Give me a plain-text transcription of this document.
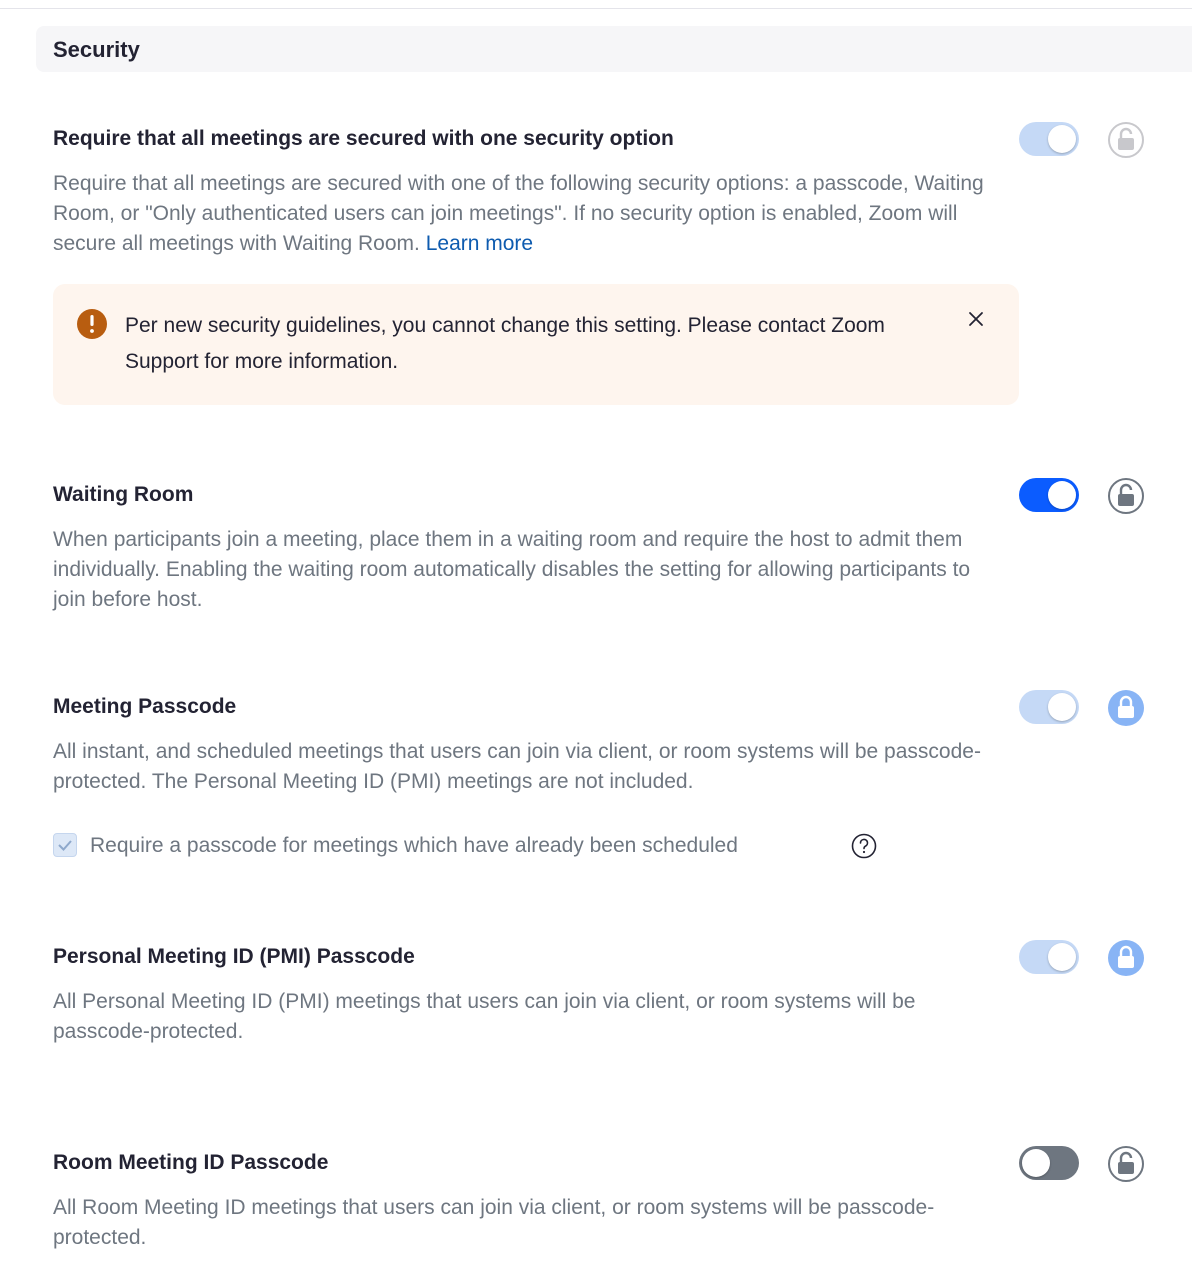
Security
Require that all meetings are secured with one security option
Require that all meetings are secured with one of the following security options: a passcode, Waiting Room, or "Only authenticated users can join meetings". If no security option is enabled, Zoom will secure all meetings with Waiting Room. Learn more
Per new security guidelines, you cannot change this setting. Please contact Zoom Support for more information.
Waiting Room
When participants join a meeting, place them in a waiting room and require the host to admit them individually. Enabling the waiting room automatically disables the setting for allowing participants to join before host.
Meeting Passcode
All instant, and scheduled meetings that users can join via client, or room systems will be passcode-protected. The Personal Meeting ID (PMI) meetings are not included.
Require a passcode for meetings which have already been scheduled
Personal Meeting ID (PMI) Passcode
All Personal Meeting ID (PMI) meetings that users can join via client, or room systems will be passcode-protected.
Room Meeting ID Passcode
All Room Meeting ID meetings that users can join via client, or room systems will be passcode-protected.
